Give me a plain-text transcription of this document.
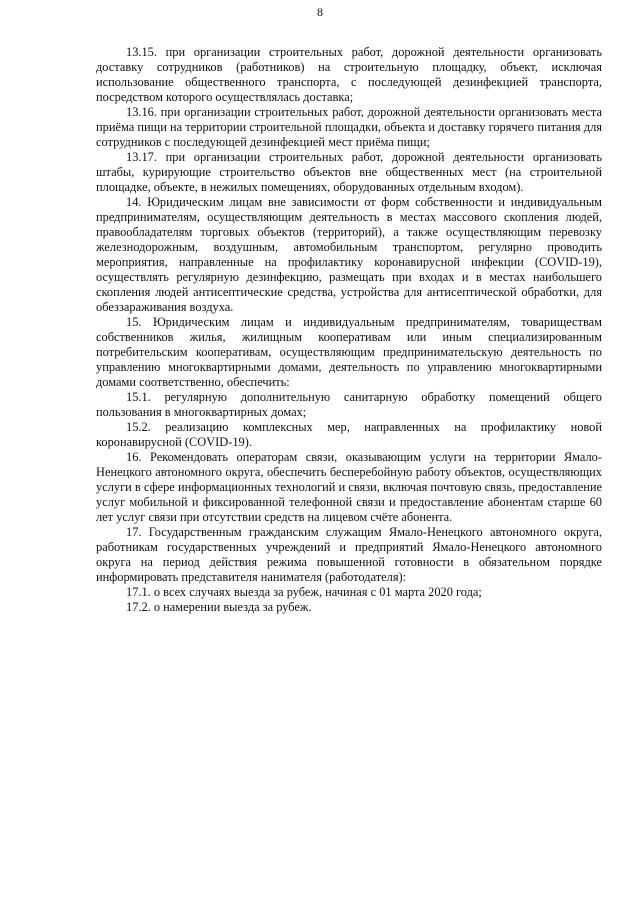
8

13.15. при организации строительных работ, дорожной деятельности организовать доставку сотрудников (работников) на строительную площадку, объект, исключая использование общественного транспорта, с последующей дезинфекцией транспорта, посредством которого осуществлялась доставка;

13.16. при организации строительных работ, дорожной деятельности организовать места приёма пищи на территории строительной площадки, объекта и доставку горячего питания для сотрудников с последующей дезинфекцией мест приёма пищи;

13.17. при организации строительных работ, дорожной деятельности организовать штабы, курирующие строительство объектов вне общественных мест (на строительной площадке, объекте, в нежилых помещениях, оборудованных отдельным входом).

14. Юридическим лицам вне зависимости от форм собственности и индивидуальным предпринимателям, осуществляющим деятельность в местах массового скопления людей, правообладателям торговых объектов (территорий), а также осуществляющим перевозку железнодорожным, воздушным, автомобильным транспортом, регулярно проводить мероприятия, направленные на профилактику коронавирусной инфекции (COVID-19), осуществлять регулярную дезинфекцию, размещать при входах и в местах наибольшего скопления людей антисептические средства, устройства для антисептической обработки, для обеззараживания воздуха.

15. Юридическим лицам и индивидуальным предпринимателям, товариществам собственников жилья, жилищным кооперативам или иным специализированным потребительским кооперативам, осуществляющим предпринимательскую деятельность по управлению многоквартирными домами, деятельность по управлению многоквартирными домами соответственно, обеспечить:

15.1. регулярную дополнительную санитарную обработку помещений общего пользования в многоквартирных домах;

15.2. реализацию комплексных мер, направленных на профилактику новой коронавирусной (COVID-19).

16. Рекомендовать операторам связи, оказывающим услуги на территории Ямало-Ненецкого автономного округа, обеспечить бесперебойную работу объектов, осуществляющих услуги в сфере информационных технологий и связи, включая почтовую связь, предоставление услуг мобильной и фиксированной телефонной связи и предоставление абонентам старше 60 лет услуг связи при отсутствии средств на лицевом счёте абонента.

17. Государственным гражданским служащим Ямало-Ненецкого автономного округа, работникам государственных учреждений и предприятий Ямало-Ненецкого автономного округа на период действия режима повышенной готовности в обязательном порядке информировать представителя нанимателя (работодателя):

17.1. о всех случаях выезда за рубеж, начиная с 01 марта 2020 года;

17.2. о намерении выезда за рубеж.
